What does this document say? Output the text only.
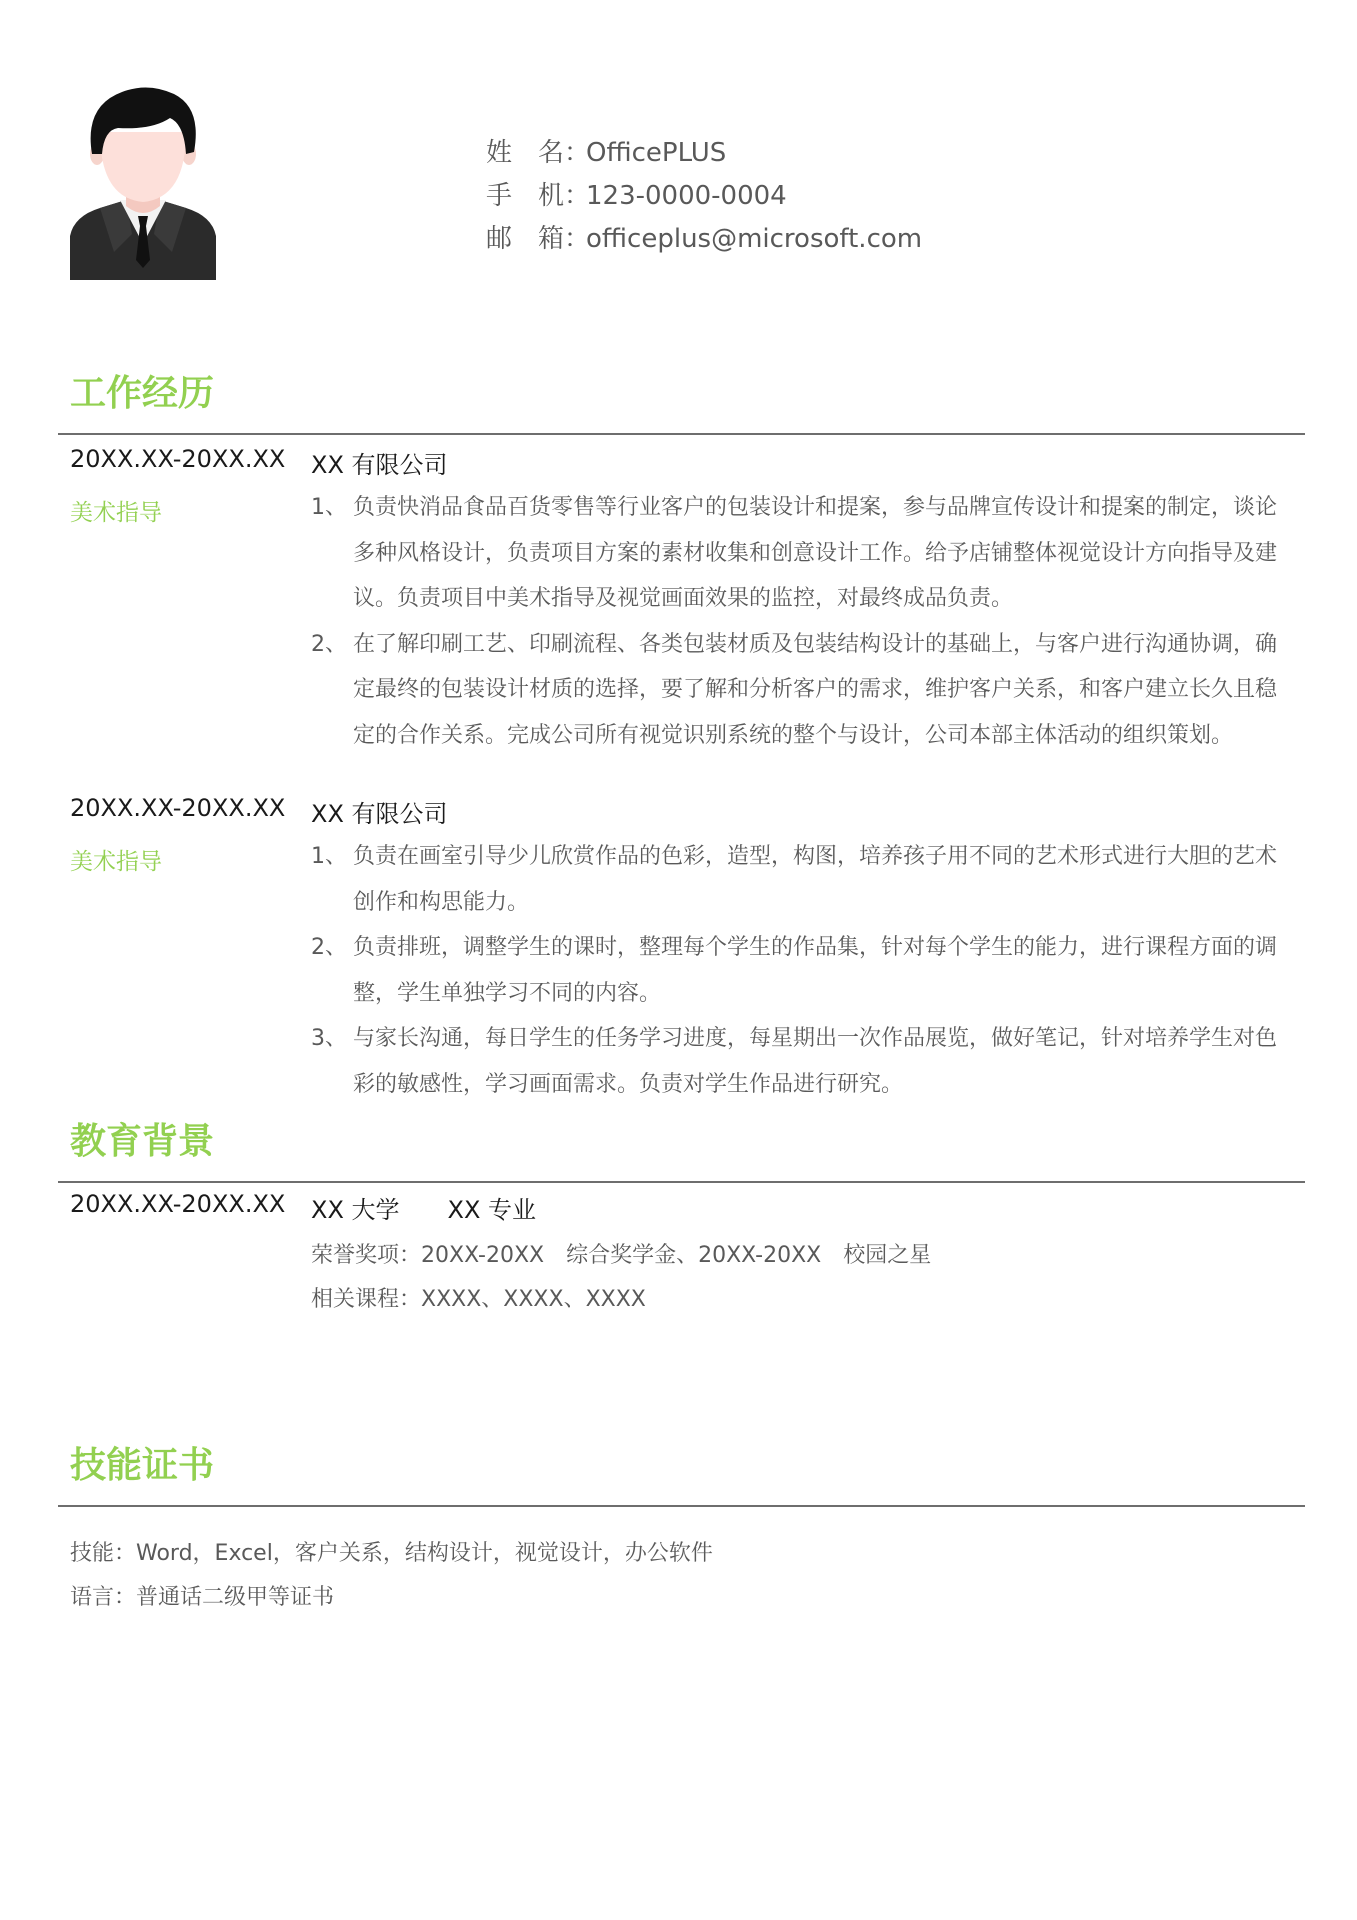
姓　名：OfficePLUS
手　机：123-0000-0004
邮　箱：officeplus@microsoft.com
工作经历
20XX.XX-20XX.XX XX 有限公司
美术指导	1、 负责快消品食品百货零售等行业客户的包装设计和提案，参与品牌宣传设计和提案的制定，谈论多种风格设计，负责项目方案的素材收集和创意设计工作。给予店铺整体视觉设计方向指导及建议。负责项目中美术指导及视觉画面效果的监控，对最终成品负责。
2、 在了解印刷工艺、印刷流程、各类包装材质及包装结构设计的基础上，与客户进行沟通协调，确定最终的包装设计材质的选择，要了解和分析客户的需求，维护客户关系，和客户建立长久且稳定的合作关系。完成公司所有视觉识别系统的整个与设计，公司本部主体活动的组织策划。
20XX.XX-20XX.XX XX 有限公司
美术指导	1、 负责在画室引导少儿欣赏作品的色彩，造型，构图，培养孩子用不同的艺术形式进行大胆的艺术创作和构思能力。
2、 负责排班，调整学生的课时，整理每个学生的作品集，针对每个学生的能力，进行课程方面的调整，学生单独学习不同的内容。
3、 与家长沟通，每日学生的任务学习进度，每星期出一次作品展览，做好笔记，针对培养学生对色彩的敏感性，学习画面需求。负责对学生作品进行研究。
教育背景
20XX.XX-20XX.XX XX 大学　　XX 专业
荣誉奖项：20XX-20XX　综合奖学金、20XX-20XX　校园之星
相关课程：XXXX、XXXX、XXXX
技能证书
技能：Word，Excel，客户关系，结构设计，视觉设计，办公软件
语言：普通话二级甲等证书
